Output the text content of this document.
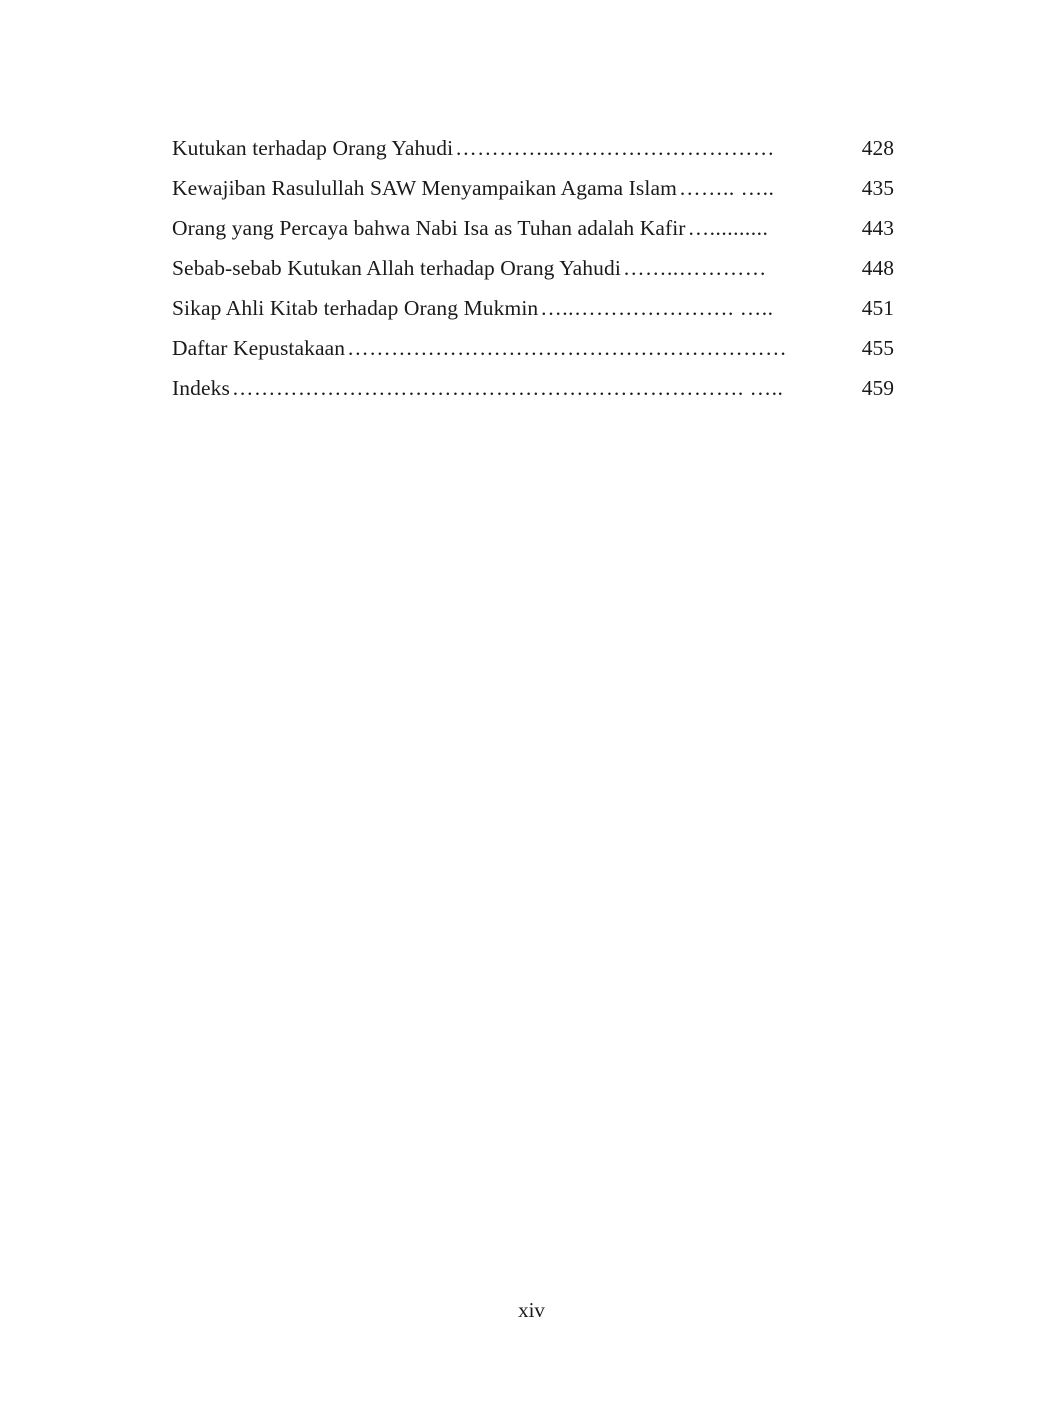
Kutukan terhadap Orang Yahudi …………..…………………………	428
Kewajiban Rasulullah SAW Menyampaikan Agama Islam …….. …..	435
Orang yang Percaya bahwa Nabi Isa as Tuhan adalah Kafir …..........	443
Sebab-sebab Kutukan Allah terhadap Orang Yahudi ……..…………	448
Sikap Ahli Kitab terhadap Orang Mukmin …..…………………. …..	451
Daftar Kepustakaan ……………………………………………………	455
Indeks ……………………………………………………………. …..	459
xiv
